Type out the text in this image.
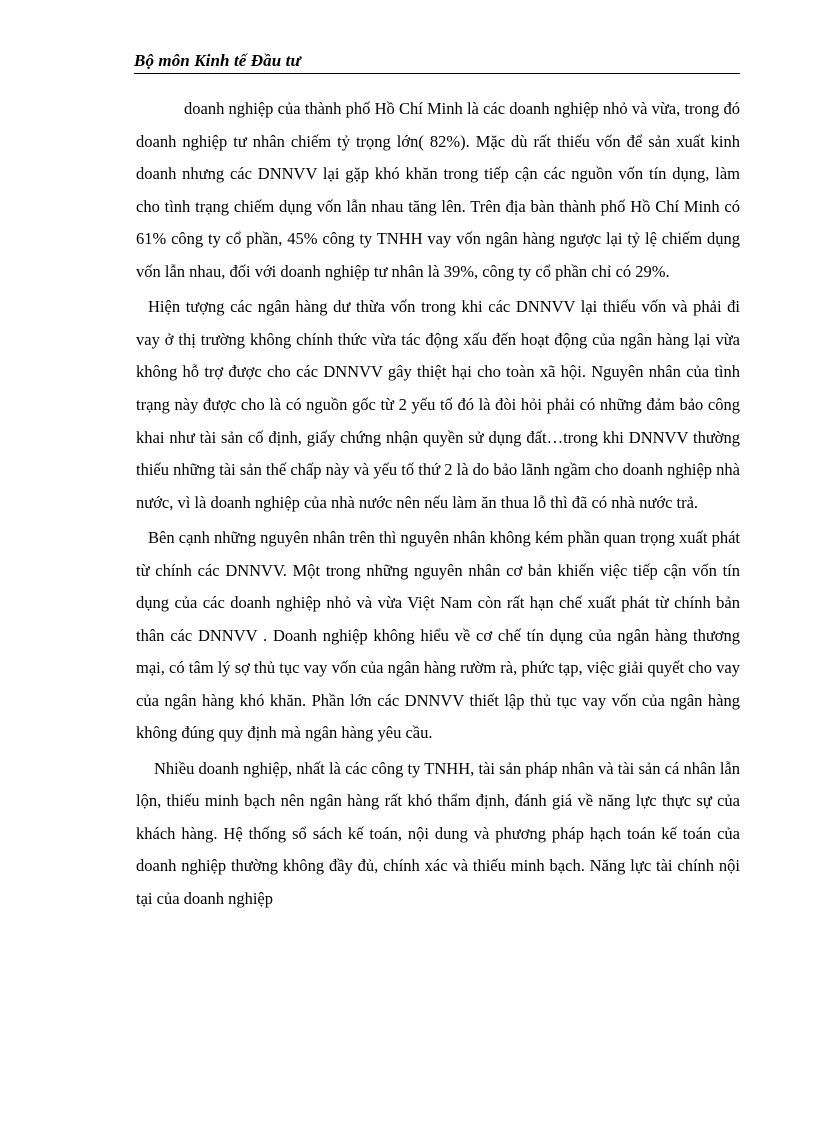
Bộ môn Kinh tế Đầu tư

doanh nghiệp của thành phố Hồ Chí Minh là các doanh nghiệp nhỏ và vừa, trong đó doanh nghiệp tư nhân chiếm tỷ trọng lớn( 82%). Mặc dù rất thiếu vốn để sản xuất kinh doanh nhưng các DNNVV lại gặp khó khăn trong tiếp cận các nguồn vốn tín dụng, làm cho tình trạng chiếm dụng vốn lẫn nhau tăng lên. Trên địa bàn thành phố Hồ Chí Minh có 61% công ty cổ phần, 45% công ty TNHH vay vốn ngân hàng ngược lại tỷ lệ chiếm dụng vốn lẫn nhau, đối với doanh nghiệp tư nhân là 39%, công ty cổ phần chỉ có 29%.

Hiện tượng các ngân hàng dư thừa vốn trong khi các DNNVV lại thiếu vốn và phải đi vay ở thị trường không chính thức vừa tác động xấu đến hoạt động của ngân hàng lại vừa không hỗ trợ được cho các DNNVV gây thiệt hại cho toàn xã hội. Nguyên nhân của tình trạng này được cho là có nguồn gốc từ 2 yếu tố đó là đòi hỏi phải có những đảm bảo công khai như tài sản cố định, giấy chứng nhận quyền sử dụng đất…trong khi DNNVV thường thiếu những tài sản thế chấp này và yếu tố thứ 2 là do bảo lãnh ngầm cho doanh nghiệp nhà nước, vì là doanh nghiệp của nhà nước nên nếu làm ăn thua lỗ thì đã có nhà nước trả.

Bên cạnh những nguyên nhân trên thì nguyên nhân không kém phần quan trọng xuất phát từ chính các DNNVV. Một trong những nguyên nhân cơ bản khiến việc tiếp cận vốn tín dụng của các doanh nghiệp nhỏ và vừa Việt Nam còn rất hạn chế xuất phát từ chính bản thân các DNNVV . Doanh nghiệp không hiểu về cơ chế tín dụng của ngân hàng thương mại, có tâm lý sợ thủ tục vay vốn của ngân hàng rườm rà, phức tạp, việc giải quyết cho vay của ngân hàng khó khăn. Phần lớn các DNNVV thiết lập thủ tục vay vốn của ngân hàng không đúng quy định mà ngân hàng yêu cầu.

Nhiều doanh nghiệp, nhất là các công ty TNHH, tài sản pháp nhân và tài sản cá nhân lẫn lộn, thiếu minh bạch nên ngân hàng rất khó thẩm định, đánh giá về năng lực thực sự của khách hàng. Hệ thống sổ sách kế toán, nội dung và phương pháp hạch toán kế toán của doanh nghiệp thường không đầy đủ, chính xác và thiếu minh bạch. Năng lực tài chính nội tại của doanh nghiệp
